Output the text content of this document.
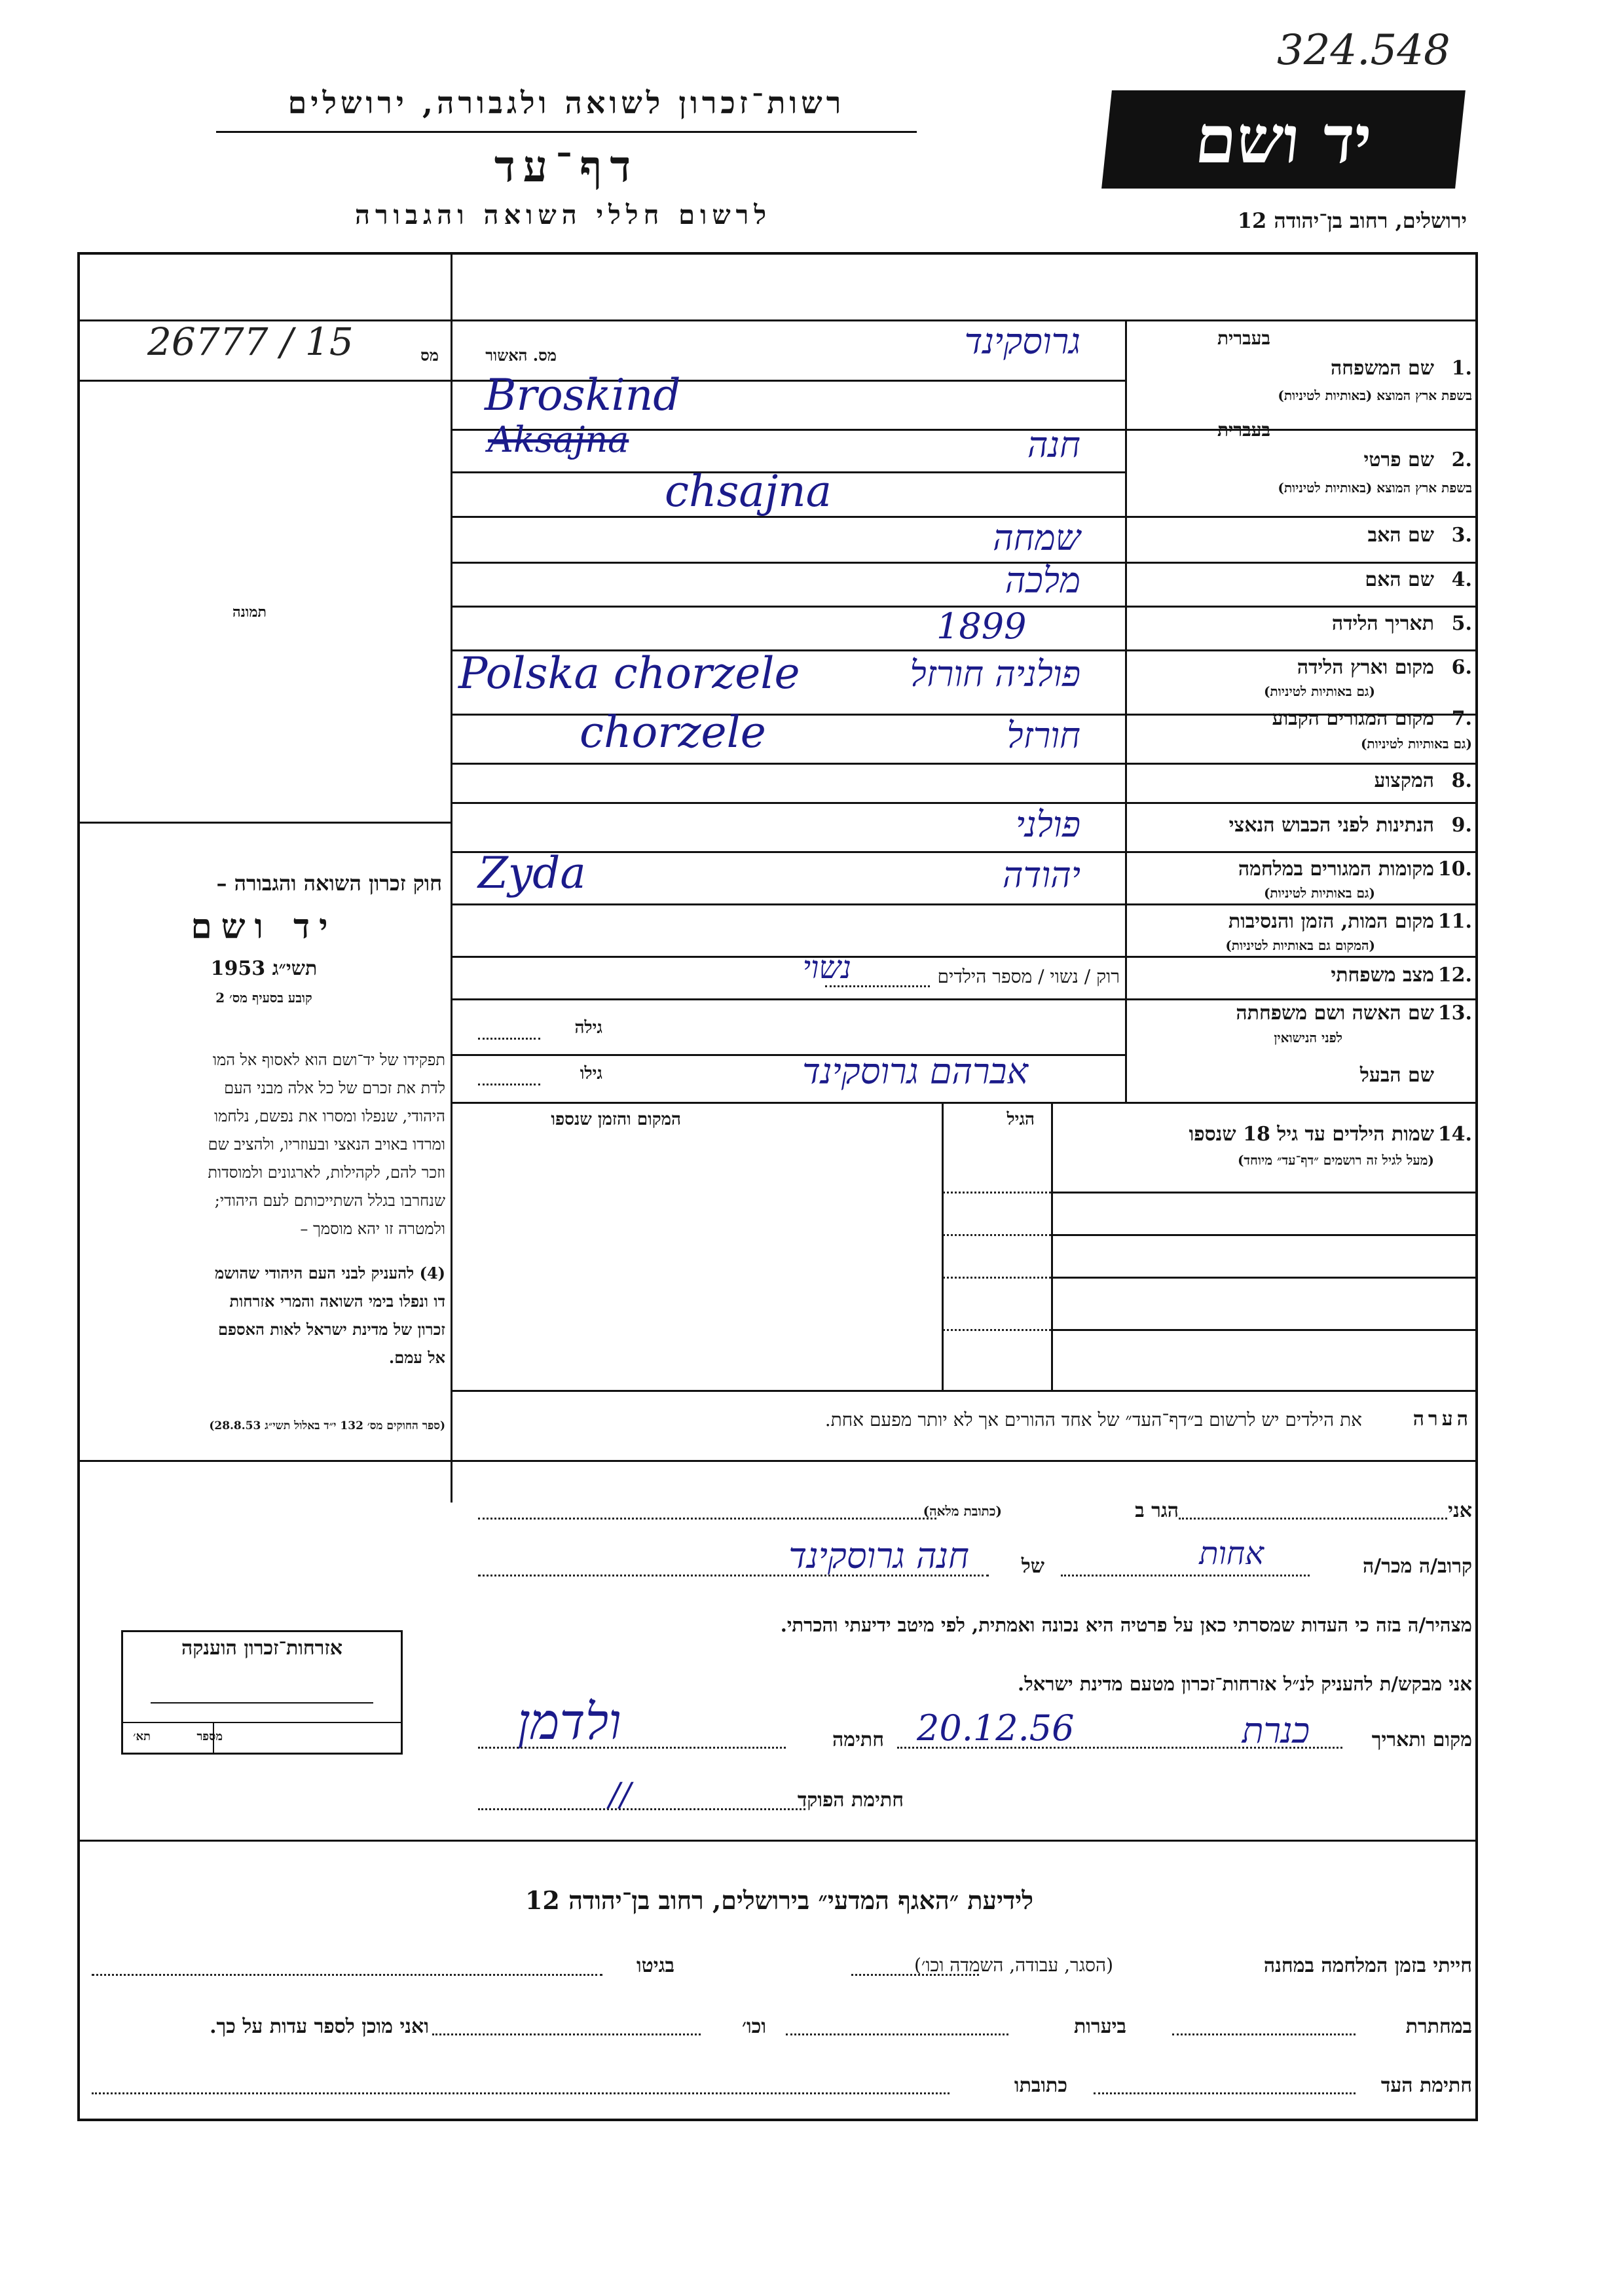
324.548
רשות־זכרון לשואה ולגבורה, ירושלים
דף־עד
לרשום חללי השואה והגבורה
יד ושם
ירושלים, רחוב בן־יהודה 12
מס	מס. האשור
26777 / 15
תמונה
בעברית
1.
שם המשפחה
בשפת ארץ המוצא (באותיות לטיניות)
גרוסקינד
Broskind
בעברית
2.
שם פרטי
בשפת ארץ המוצא (באותיות לטיניות)
חנה
Aksajna
chsajna
3.
שם האב
שמחה
4.
שם האם
מלכה
5.
תאריך הלידה
1899
6.
מקום וארץ הלידה
(גם באותיות לטיניות)
פולניה חורזל
Polska chorzele
7.
מקום המגורים הקבוע
(גם באותיות לטיניות)
חורזל
chorzele
8.
המקצוע
9.
הנתינות לפני הכבוש הנאצי
פולני
10.
מקומות המגורים במלחמה
(גם באותיות לטיניות)
יהודה
Zyda
11.
מקום המות, הזמן והנסיבות
(המקום גם באותיות לטיניות)
12.
מצב משפחתי
רוק / נשוי / מספר הילדים
נשוי
13.
שם האשה ושם משפחתה
לפני הנישואין
גילה
שם הבעל
גילו	אברהם גרוסקינד
14.
שמות הילדים עד גיל 18 שנספו
(מעל לגיל זה רושמים ״דף־עד״ מיוחד)
הגיל
המקום והזמן שנספו
הערה
את הילדים יש לרשום ב״דף־העד״ של אחד ההורים אך לא יותר מפעם אחת.
חוק זכרון השואה והגבורה –
יד ושם
תשי״ג 1953
קובע בסעיף מס׳ 2
תפקידו של יד־ושם הוא לאסוף אל המו
לדת את זכרם של כל אלה מבני העם
היהודי, שנפלו ומסרו את נפשם, נלחמו
ומרדו באויב הנאצי ובעוזריו, ולהציב שם
וזכר להם, לקהילות, לארגונים ולמוסדות
שנחרבו בגלל השתייכותם לעם היהודי;
ולמטרה זו יהא מוסמך –
(4) להעניק לבני העם היהודי שהושמ
דו ונפלו בימי השואה והמרי אזרחות
זכרון של מדינת ישראל לאות האספם
אל עמם.
(ספר החוקים מס׳ 132 י״ד באלול תשי״ג 28.8.53)
אני
הגר ב
(כתובת מלאה)
קרוב/ה מכר/ה
אחות
של
חנה גרוסקינד
מצהיר/ה בזה כי העדות שמסרתי כאן על פרטיה היא נכונה ואמתית, לפי מיטב ידיעתי והכרתי.
אני מבקש/ת להעניק לנ״ל אזרחות־זכרון מטעם מדינת ישראל.
מקום ותאריך
כנרת
20.12.56
חתימה
ולדמן
חתימת הפוקד
//
אזרחות־זכרון הוענקה
מספר
תא׳
לידיעת ״האגף המדעי״ בירושלים, רחוב בן־יהודה 12
חייתי בזמן המלחמה במחנה
(הסגר, עבודה, השמדה וכו׳)
בגיטו
במחתרת
ביערות
וכו׳
ואני מוכן לספר עדות על כך.
חתימת העד
כתובתו
